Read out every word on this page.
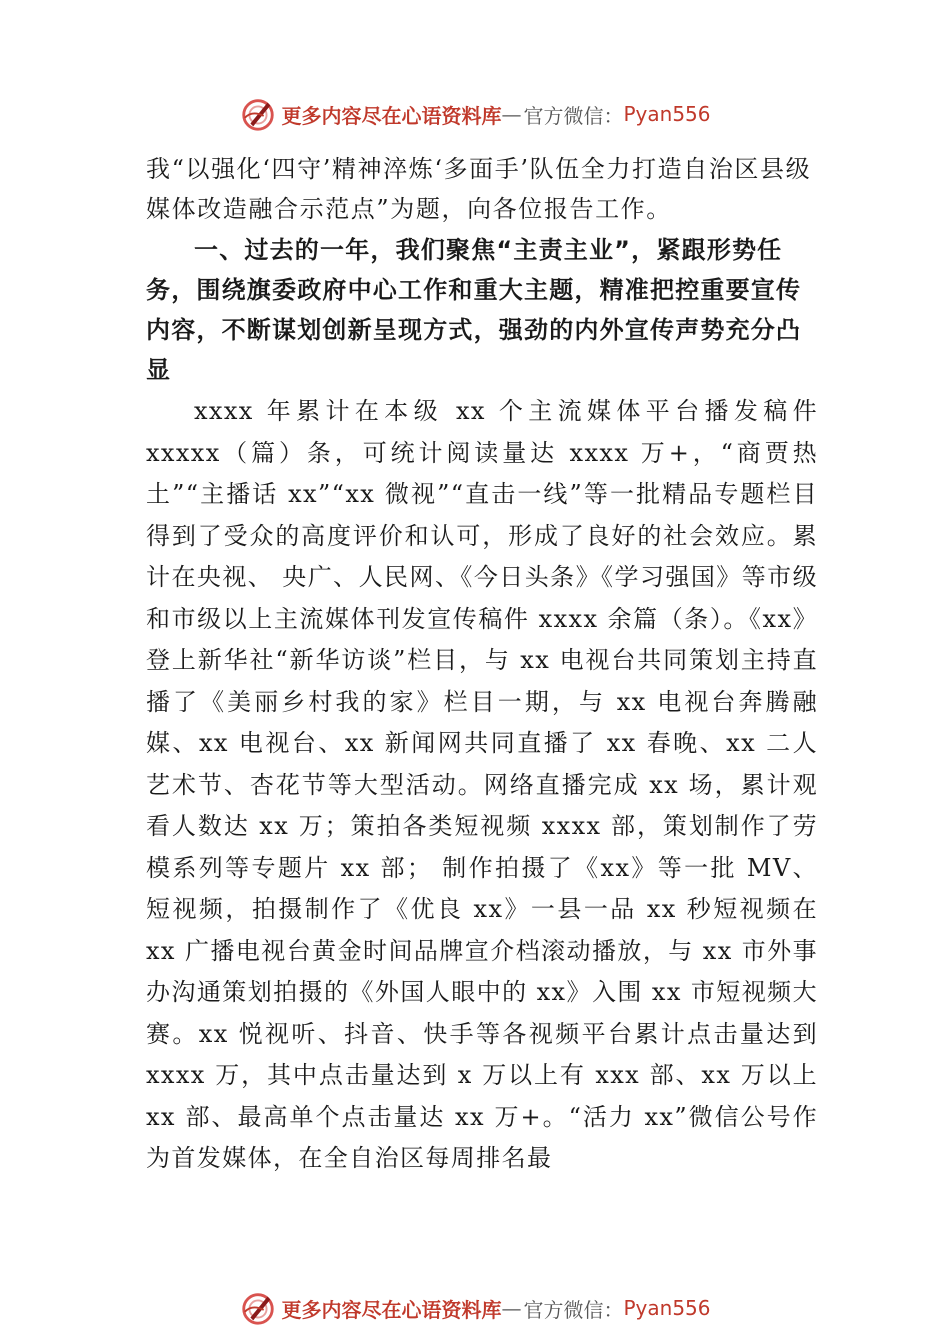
更多内容尽在心语资料库 — 官方微信： Pyan556

我“以强化‘四守’精神淬炼‘多面手’队伍全力打造自治区县级媒体改造融合示范点”为题，向各位报告工作。

一、过去的一年，我们聚焦“主责主业”，紧跟形势任务，围绕旗委政府中心工作和重大主题，精准把控重要宣传内容，不断谋划创新呈现方式，强劲的内外宣传声势充分凸显

xxxx 年累计在本级 xx 个主流媒体平台播发稿件 xxxxx（篇）条，可统计阅读量达 xxxx 万+，“商贾热土”“主播话 xx”“xx 微视”“直击一线”等一批精品专题栏目得到了受众的高度评价和认可，形成了良好的社会效应。累计在央视、 央广、人民网、《今日头条》《学习强国》等市级和市级以上主流媒体刊发宣传稿件 xxxx 余篇（条）。《xx》登上新华社“新华访谈”栏目，与 xx 电视台共同策划主持直播了《美丽乡村我的家》栏目一期，与 xx 电视台奔腾融媒、xx 电视台、xx 新闻网共同直播了 xx 春晚、xx 二人艺术节、杏花节等大型活动。网络直播完成 xx 场，累计观看人数达 xx 万；策拍各类短视频 xxxx 部，策划制作了劳模系列等专题片 xx 部； 制作拍摄了《xx》等一批 MV、短视频，拍摄制作了《优良 xx》一县一品 xx 秒短视频在 xx 广播电视台黄金时间品牌宣介档滚动播放，与 xx 市外事办沟通策划拍摄的《外国人眼中的 xx》入围 xx 市短视频大赛。xx 悦视听、抖音、快手等各视频平台累计点击量达到 xxxx 万，其中点击量达到 x 万以上有 xxx 部、xx 万以上 xx 部、最高单个点击量达 xx 万+。“活力 xx”微信公号作为首发媒体，在全自治区每周排名最

更多内容尽在心语资料库 — 官方微信： Pyan556
